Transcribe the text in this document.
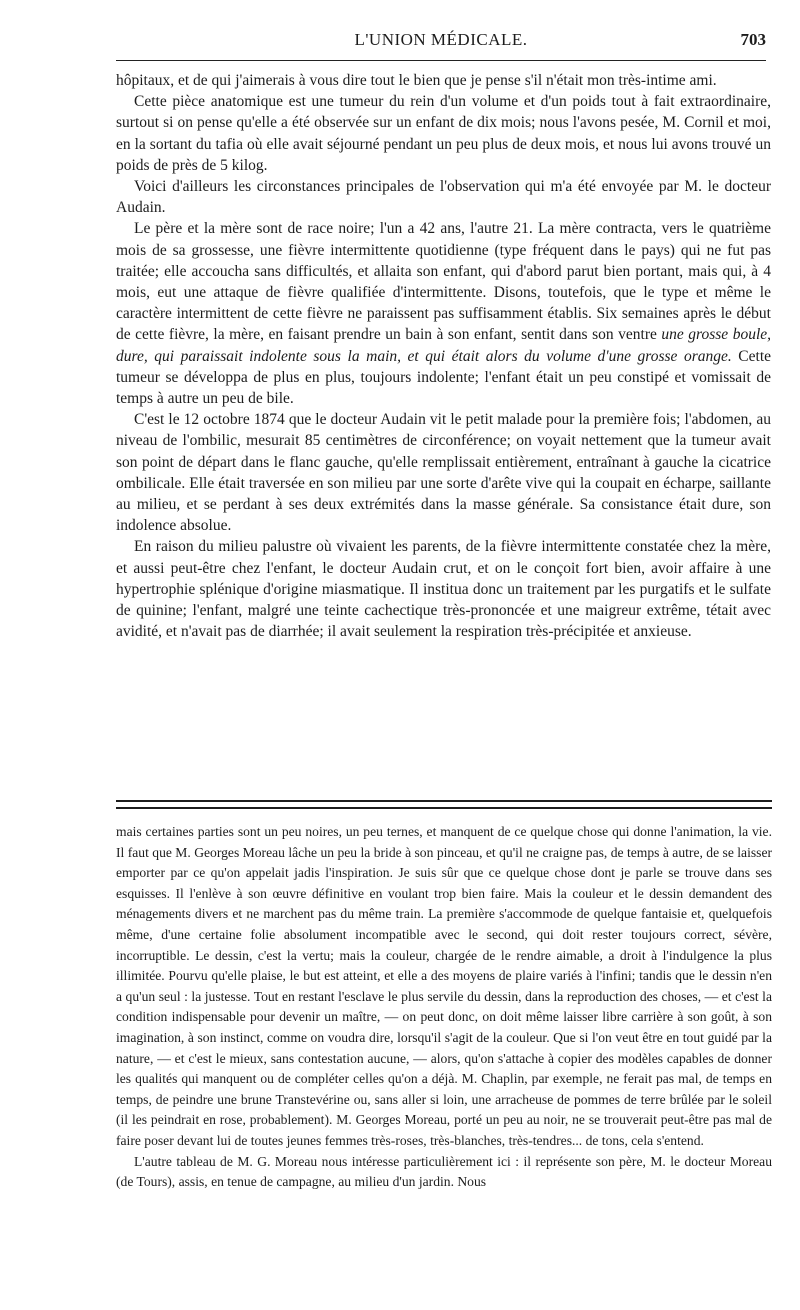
L'UNION MÉDICALE.	703

hôpitaux, et de qui j'aimerais à vous dire tout le bien que je pense s'il n'était mon très-intime ami.

Cette pièce anatomique est une tumeur du rein d'un volume et d'un poids tout à fait extraordinaire, surtout si on pense qu'elle a été observée sur un enfant de dix mois; nous l'avons pesée, M. Cornil et moi, en la sortant du tafia où elle avait séjourné pendant un peu plus de deux mois, et nous lui avons trouvé un poids de près de 5 kilog.

Voici d'ailleurs les circonstances principales de l'observation qui m'a été envoyée par M. le docteur Audain.

Le père et la mère sont de race noire; l'un a 42 ans, l'autre 21. La mère contracta, vers le quatrième mois de sa grossesse, une fièvre intermittente quotidienne (type fréquent dans le pays) qui ne fut pas traitée; elle accoucha sans difficultés, et allaita son enfant, qui d'abord parut bien portant, mais qui, à 4 mois, eut une attaque de fièvre qualifiée d'intermittente. Disons, toutefois, que le type et même le caractère intermittent de cette fièvre ne paraissent pas suffisamment établis. Six semaines après le début de cette fièvre, la mère, en faisant prendre un bain à son enfant, sentit dans son ventre une grosse boule, dure, qui paraissait indolente sous la main, et qui était alors du volume d'une grosse orange. Cette tumeur se développa de plus en plus, toujours indolente; l'enfant était un peu constipé et vomissait de temps à autre un peu de bile.

C'est le 12 octobre 1874 que le docteur Audain vit le petit malade pour la première fois; l'abdomen, au niveau de l'ombilic, mesurait 85 centimètres de circonférence; on voyait nettement que la tumeur avait son point de départ dans le flanc gauche, qu'elle remplissait entièrement, entraînant à gauche la cicatrice ombilicale. Elle était traversée en son milieu par une sorte d'arête vive qui la coupait en écharpe, saillante au milieu, et se perdant à ses deux extrémités dans la masse générale. Sa consistance était dure, son indolence absolue.

En raison du milieu palustre où vivaient les parents, de la fièvre intermittente constatée chez la mère, et aussi peut-être chez l'enfant, le docteur Audain crut, et on le conçoit fort bien, avoir affaire à une hypertrophie splénique d'origine miasmatique. Il institua donc un traitement par les purgatifs et le sulfate de quinine; l'enfant, malgré une teinte cachectique très-prononcée et une maigreur extrême, tétait avec avidité, et n'avait pas de diarrhée; il avait seulement la respiration très-précipitée et anxieuse.

mais certaines parties sont un peu noires, un peu ternes, et manquent de ce quelque chose qui donne l'animation, la vie. Il faut que M. Georges Moreau lâche un peu la bride à son pinceau, et qu'il ne craigne pas, de temps à autre, de se laisser emporter par ce qu'on appelait jadis l'inspiration. Je suis sûr que ce quelque chose dont je parle se trouve dans ses esquisses. Il l'enlève à son œuvre définitive en voulant trop bien faire. Mais la couleur et le dessin demandent des ménagements divers et ne marchent pas du même train. La première s'accommode de quelque fantaisie et, quelquefois même, d'une certaine folie absolument incompatible avec le second, qui doit rester toujours correct, sévère, incorruptible. Le dessin, c'est la vertu; mais la couleur, chargée de le rendre aimable, a droit à l'indulgence la plus illimitée. Pourvu qu'elle plaise, le but est atteint, et elle a des moyens de plaire variés à l'infini; tandis que le dessin n'en a qu'un seul : la justesse. Tout en restant l'esclave le plus servile du dessin, dans la reproduction des choses, — et c'est la condition indispensable pour devenir un maître, — on peut donc, on doit même laisser libre carrière à son goût, à son imagination, à son instinct, comme on voudra dire, lorsqu'il s'agit de la couleur. Que si l'on veut être en tout guidé par la nature, — et c'est le mieux, sans contestation aucune, — alors, qu'on s'attache à copier des modèles capables de donner les qualités qui manquent ou de compléter celles qu'on a déjà. M. Chaplin, par exemple, ne ferait pas mal, de temps en temps, de peindre une brune Transtevérine ou, sans aller si loin, une arracheuse de pommes de terre brûlée par le soleil (il les peindrait en rose, probablement). M. Georges Moreau, porté un peu au noir, ne se trouverait peut-être pas mal de faire poser devant lui de toutes jeunes femmes très-roses, très-blanches, très-tendres... de tons, cela s'entend.

L'autre tableau de M. G. Moreau nous intéresse particulièrement ici : il représente son père, M. le docteur Moreau (de Tours), assis, en tenue de campagne, au milieu d'un jardin. Nous
